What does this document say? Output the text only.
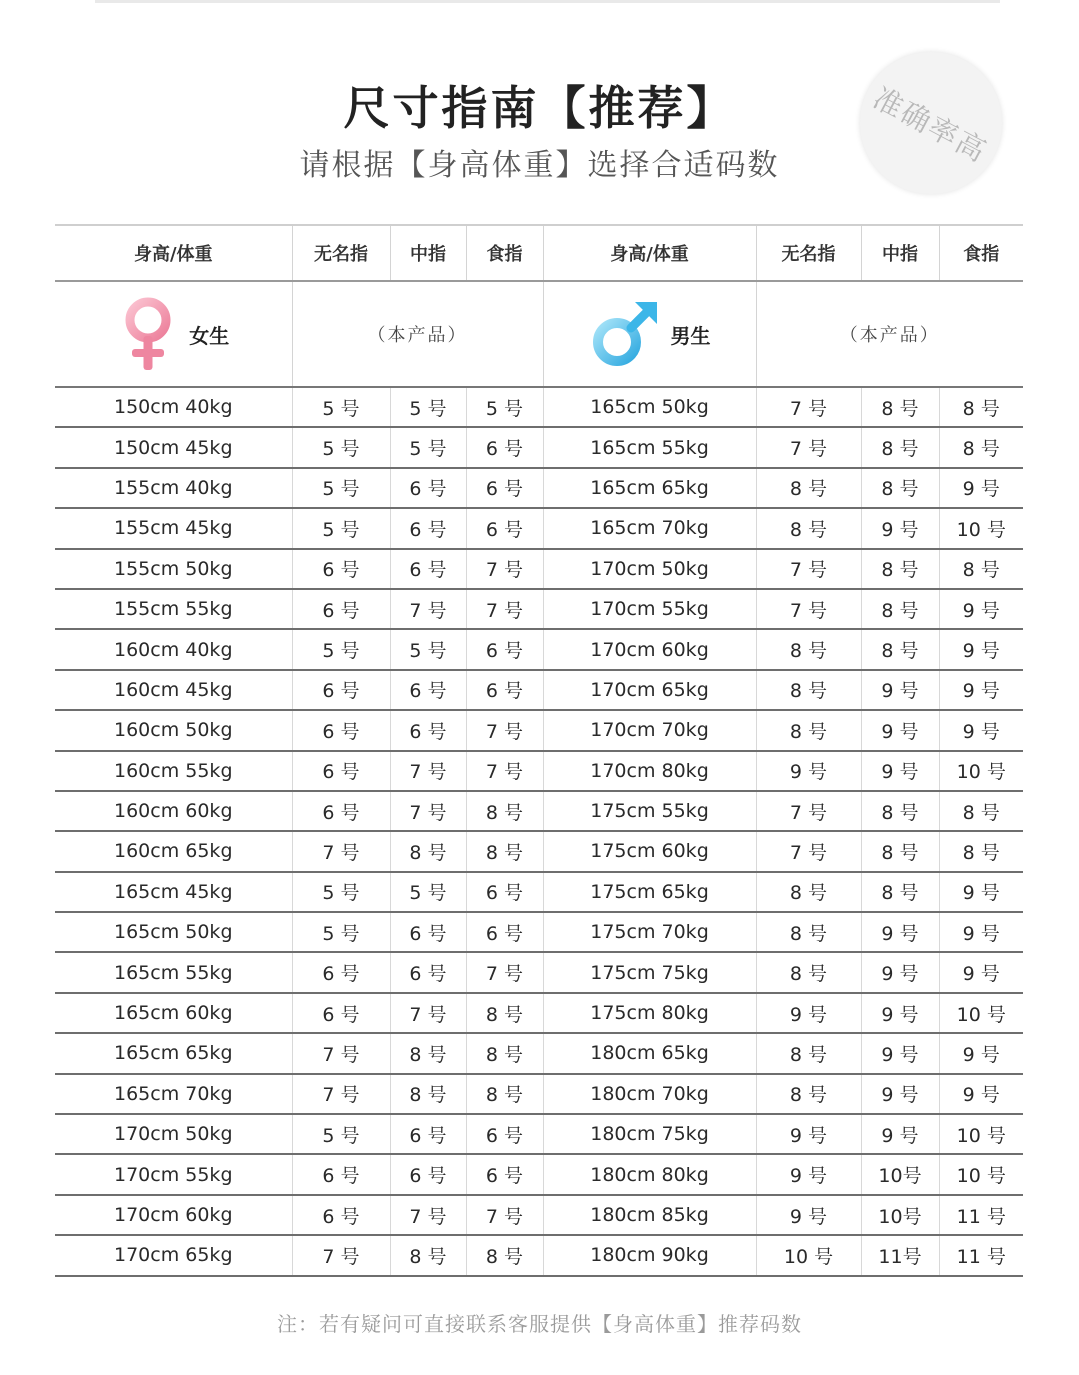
尺寸指南【推荐】
请根据【身高体重】选择合适码数	准确率高
身高/体重	无名指	中指	食指	身高/体重	无名指	中指	食指

女生	（本产品）			男生	（本产品）		
150cm 40kg	5 号	5 号	5 号	165cm 50kg	7 号	8 号	8 号
150cm 45kg	5 号	5 号	6 号	165cm 55kg	7 号	8 号	8 号
155cm 40kg	5 号	6 号	6 号	165cm 65kg	8 号	8 号	9 号
155cm 45kg	5 号	6 号	6 号	165cm 70kg	8 号	9 号	10 号
155cm 50kg	6 号	6 号	7 号	170cm 50kg	7 号	8 号	8 号
155cm 55kg	6 号	7 号	7 号	170cm 55kg	7 号	8 号	9 号
160cm 40kg	5 号	5 号	6 号	170cm 60kg	8 号	8 号	9 号
160cm 45kg	6 号	6 号	6 号	170cm 65kg	8 号	9 号	9 号
160cm 50kg	6 号	6 号	7 号	170cm 70kg	8 号	9 号	9 号
160cm 55kg	6 号	7 号	7 号	170cm 80kg	9 号	9 号	10 号
160cm 60kg	6 号	7 号	8 号	175cm 55kg	7 号	8 号	8 号
160cm 65kg	7 号	8 号	8 号	175cm 60kg	7 号	8 号	8 号
165cm 45kg	5 号	5 号	6 号	175cm 65kg	8 号	8 号	9 号
165cm 50kg	5 号	6 号	6 号	175cm 70kg	8 号	9 号	9 号
165cm 55kg	6 号	6 号	7 号	175cm 75kg	8 号	9 号	9 号
165cm 60kg	6 号	7 号	8 号	175cm 80kg	9 号	9 号	10 号
165cm 65kg	7 号	8 号	8 号	180cm 65kg	8 号	9 号	9 号
165cm 70kg	7 号	8 号	8 号	180cm 70kg	8 号	9 号	9 号
170cm 50kg	5 号	6 号	6 号	180cm 75kg	9 号	9 号	10 号
170cm 55kg	6 号	6 号	6 号	180cm 80kg	9 号	10号	10 号
170cm 60kg	6 号	7 号	7 号	180cm 85kg	9 号	10号	11 号
170cm 65kg	7 号	8 号	8 号	180cm 90kg	10 号	11号	11 号
注：若有疑问可直接联系客服提供【身高体重】推荐码数
